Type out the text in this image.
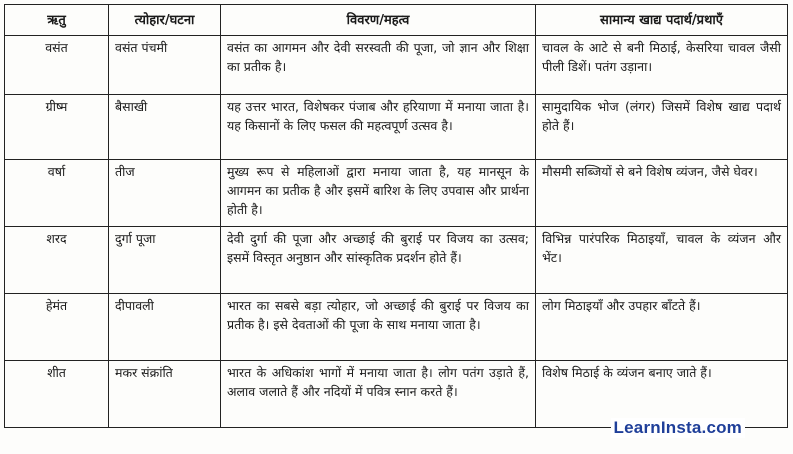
ऋतु	त्योहार/घटना	विवरण/महत्व	सामान्य खाद्य पदार्थ/प्रथाएँ
वसंत	वसंत पंचमी	वसंत का आगमन और देवी सरस्वती की पूजा, जो ज्ञान और शिक्षा का प्रतीक है।	चावल के आटे से बनी मिठाई, केसरिया चावल जैसी पीली डिशें। पतंग उड़ाना।
ग्रीष्म	बैसाखी	यह उत्तर भारत, विशेषकर पंजाब और हरियाणा में मनाया जाता है। यह किसानों के लिए फसल की महत्वपूर्ण उत्सव है।	सामुदायिक भोज (लंगर) जिसमें विशेष खाद्य पदार्थ होते हैं।
वर्षा	तीज	मुख्य रूप से महिलाओं द्वारा मनाया जाता है, यह मानसून के आगमन का प्रतीक है और इसमें बारिश के लिए उपवास और प्रार्थना होती है।	मौसमी सब्जियों से बने विशेष व्यंजन, जैसे घेवर।
शरद	दुर्गा पूजा	देवी दुर्गा की पूजा और अच्छाई की बुराई पर विजय का उत्सव; इसमें विस्तृत अनुष्ठान और सांस्कृतिक प्रदर्शन होते हैं।	विभिन्न पारंपरिक मिठाइयाँ, चावल के व्यंजन और भेंट।
हेमंत	दीपावली	भारत का सबसे बड़ा त्योहार, जो अच्छाई की बुराई पर विजय का प्रतीक है। इसे देवताओं की पूजा के साथ मनाया जाता है।	लोग मिठाइयाँ और उपहार बाँटते हैं।
शीत	मकर संक्रांति	भारत के अधिकांश भागों में मनाया जाता है। लोग पतंग उड़ाते हैं, अलाव जलाते हैं और नदियों में पवित्र स्नान करते हैं।	विशेष मिठाई के व्यंजन बनाए जाते हैं।
LearnInsta.com
